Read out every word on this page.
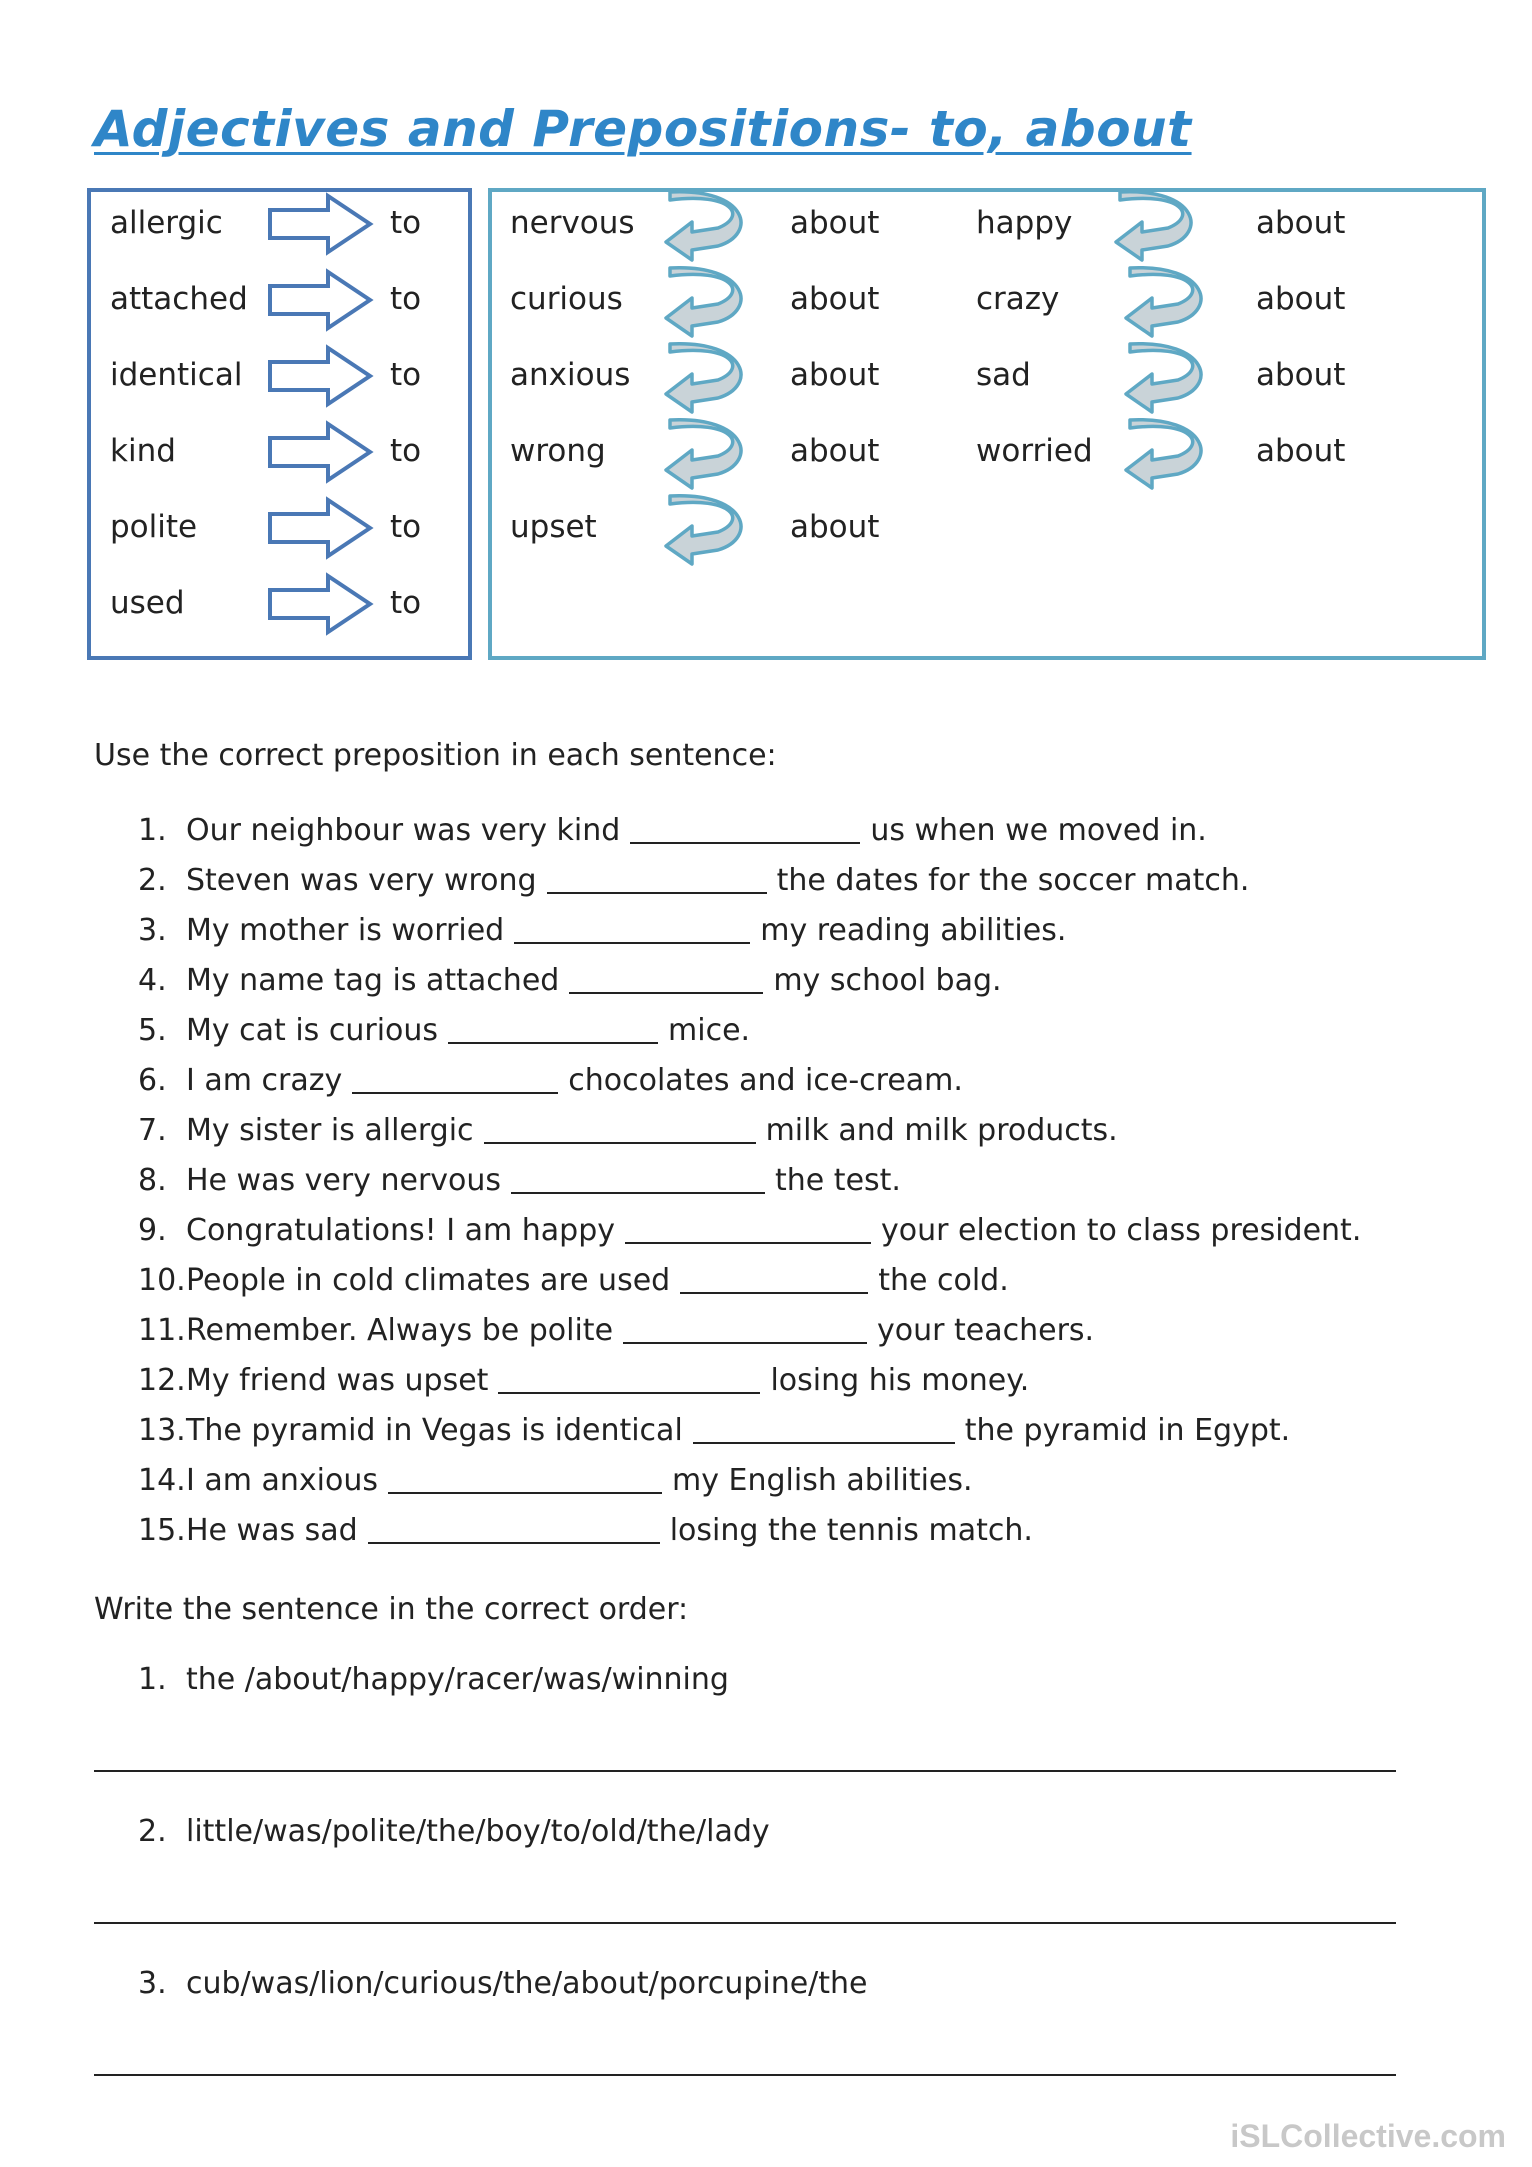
Adjectives and Prepositions- to, about
allergic	to
attached	to
identical	to
kind	to
polite	to
used	to
nervous	about
curious	about
anxious	about
wrong	about
upset	about
happy	about
crazy	about
sad	about
worried	about
Use the correct preposition in each sentence:
1. Our neighbour was very kind	us when we moved in.
2. Steven was very wrong	the dates for the soccer match.
3. My mother is worried	my reading abilities.
4. My name tag is attached	my school bag.
5. My cat is curious	mice.
6. I am crazy	chocolates and ice-cream.
7. My sister is allergic	milk and milk products.
8. He was very nervous	the test.
9. Congratulations! I am happy	your election to class president.
10. People in cold climates are used	the cold.
11. Remember. Always be polite	your teachers.
12. My friend was upset	losing his money.
13. The pyramid in Vegas is identical	the pyramid in Egypt.
14. I am anxious	my English abilities.
15. He was sad	losing the tennis match.
Write the sentence in the correct order:
1. the /about/happy/racer/was/winning
2. little/was/polite/the/boy/to/old/the/lady
3. cub/was/lion/curious/the/about/porcupine/the
iSLCollective.com
